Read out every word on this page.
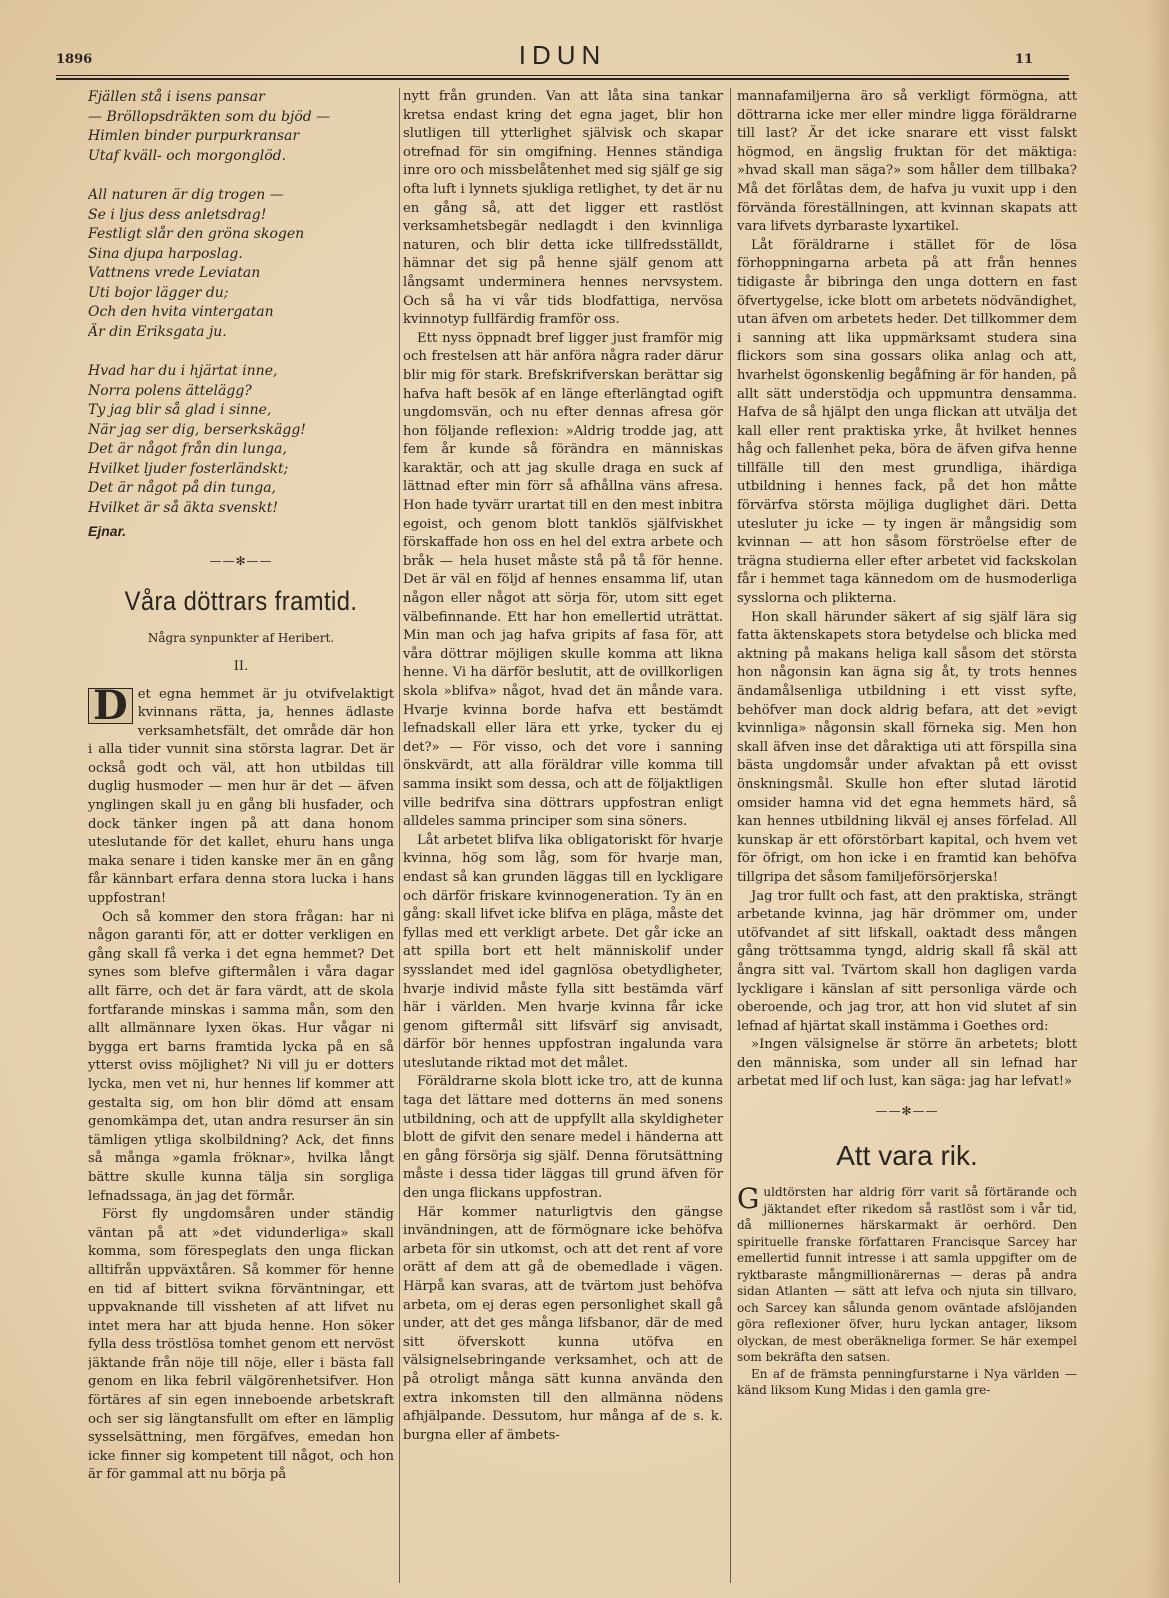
1896	IDUN	11

Fjällen stå i isens pansar

— Bröllopsdräkten som du bjöd —

Himlen binder purpurkransar

Utaf kväll- och morgonglöd.

All naturen är dig trogen —

Se i ljus dess anletsdrag!

Festligt slår den gröna skogen

Sina djupa harposlag.

Vattnens vrede Leviatan

Uti bojor lägger du;

Och den hvita vintergatan

Är din Eriksgata ju.

Hvad har du i hjärtat inne,

Norra polens ättelägg?

Ty jag blir så glad i sinne,

När jag ser dig, berserkskägg!

Det är något från din lunga,

Hvilket ljuder fosterländskt;

Det är något på din tunga,

Hvilket är så äkta svenskt!

Ejnar.

——✻——
Våra döttrars framtid.
Några synpunkter af Heribert.
II.

D et egna hemmet är ju otvifvelaktigt kvinnans rätta, ja, hennes ädlaste verksamhetsfält, det område där hon i alla tider vunnit sina största lagrar. Det är också godt och väl, att hon utbildas till duglig husmoder — men hur är det — äfven ynglingen skall ju en gång bli husfader, och dock tänker ingen på att dana honom uteslutande för det kallet, ehuru hans unga maka senare i tiden kanske mer än en gång får kännbart erfara denna stora lucka i hans uppfostran!

Och så kommer den stora frågan: har ni någon garanti för, att er dotter verkligen en gång skall få verka i det egna hemmet? Det synes som blefve giftermålen i våra dagar allt färre, och det är fara värdt, att de skola fortfarande minskas i samma mån, som den allt allmännare lyxen ökas. Hur vågar ni bygga ert barns framtida lycka på en så ytterst oviss möjlighet? Ni vill ju er dotters lycka, men vet ni, hur hennes lif kommer att gestalta sig, om hon blir dömd att ensam genomkämpa det, utan andra resurser än sin tämligen ytliga skolbildning? Ack, det finns så många »gamla fröknar», hvilka långt bättre skulle kunna tälja sin sorgliga lefnadssaga, än jag det förmår.

Först fly ungdomsåren under ständig väntan på att »det vidunderliga» skall komma, som förespeglats den unga flickan alltifrån uppväxtåren. Så kommer för henne en tid af bittert svikna förväntningar, ett uppvaknande till vissheten af att lifvet nu intet mera har att bjuda henne. Hon söker fylla dess tröstlösa tomhet genom ett nervöst jäktande från nöje till nöje, eller i bästa fall genom en lika febril välgörenhetsifver. Hon förtäres af sin egen inneboende arbetskraft och ser sig längtansfullt om efter en lämplig sysselsättning, men förgäfves, emedan hon icke finner sig kompetent till något, och hon är för gammal att nu börja på

nytt från grunden. Van att låta sina tankar kretsa endast kring det egna jaget, blir hon slutligen till ytterlighet självisk och skapar otrefnad för sin omgifning. Hennes ständiga inre oro och missbelåtenhet med sig själf ge sig ofta luft i lynnets sjukliga retlighet, ty det är nu en gång så, att det ligger ett rastlöst verksamhetsbegär nedlagdt i den kvinnliga naturen, och blir detta icke tillfredsställdt, hämnar det sig på henne själf genom att långsamt underminera hennes nervsystem. Och så ha vi vår tids blodfattiga, nervösa kvinnotyp fullfärdig framför oss.

Ett nyss öppnadt bref ligger just framför mig och frestelsen att här anföra några rader därur blir mig för stark. Brefskrifverskan berättar sig hafva haft besök af en länge efterlängtad ogift ungdomsvän, och nu efter dennas afresa gör hon följande reflexion: »Aldrig trodde jag, att fem år kunde så förändra en människas karaktär, och att jag skulle draga en suck af lättnad efter min förr så afhållna väns afresa. Hon hade tyvärr urartat till en den mest inbitra egoist, och genom blott tanklös själfviskhet förskaffade hon oss en hel del extra arbete och bråk — hela huset måste stå på tå för henne. Det är väl en följd af hennes ensamma lif, utan någon eller något att sörja för, utom sitt eget välbefinnande. Ett har hon emellertid uträttat. Min man och jag hafva gripits af fasa för, att våra döttrar möjligen skulle komma att likna henne. Vi ha därför beslutit, att de ovillkorligen skola »blifva» något, hvad det än månde vara. Hvarje kvinna borde hafva ett bestämdt lefnadskall eller lära ett yrke, tycker du ej det?» — För visso, och det vore i sanning önskvärdt, att alla föräldrar ville komma till samma insikt som dessa, och att de följaktligen ville bedrifva sina döttrars uppfostran enligt alldeles samma principer som sina söners.

Låt arbetet blifva lika obligatoriskt för hvarje kvinna, hög som låg, som för hvarje man, endast så kan grunden läggas till en lyckligare och därför friskare kvinnogeneration. Ty än en gång: skall lifvet icke blifva en pläga, måste det fyllas med ett verkligt arbete. Det går icke an att spilla bort ett helt människolif under sysslandet med idel gagnlösa obetydligheter, hvarje individ måste fylla sitt bestämda värf här i världen. Men hvarje kvinna får icke genom giftermål sitt lifsvärf sig anvisadt, därför bör hennes uppfostran ingalunda vara uteslutande riktad mot det målet.

Föräldrarne skola blott icke tro, att de kunna taga det lättare med dotterns än med sonens utbildning, och att de uppfyllt alla skyldigheter blott de gifvit den senare medel i händerna att en gång försörja sig själf. Denna förutsättning måste i dessa tider läggas till grund äfven för den unga flickans uppfostran.

Här kommer naturligtvis den gängse invändningen, att de förmögnare icke behöfva arbeta för sin utkomst, och att det rent af vore orätt af dem att gå de obemedlade i vägen. Härpå kan svaras, att de tvärtom just behöfva arbeta, om ej deras egen personlighet skall gå under, att det ges många lifsbanor, där de med sitt öfverskott kunna utöfva en välsignelsebringande verksamhet, och att de på otroligt många sätt kunna använda den extra inkomsten till den allmänna nödens afhjälpande. Dessutom, hur många af de s. k. burgna eller af ämbets-

mannafamiljerna äro så verkligt förmögna, att döttrarna icke mer eller mindre ligga föräldrarne till last? Är det icke snarare ett visst falskt högmod, en ängslig fruktan för det mäktiga: »hvad skall man säga?» som håller dem tillbaka? Må det förlåtas dem, de hafva ju vuxit upp i den förvända föreställningen, att kvinnan skapats att vara lifvets dyrbaraste lyxartikel.

Låt föräldrarne i stället för de lösa förhoppningarna arbeta på att från hennes tidigaste år bibringa den unga dottern en fast öfvertygelse, icke blott om arbetets nödvändighet, utan äfven om arbetets heder. Det tillkommer dem i sanning att lika uppmärksamt studera sina flickors som sina gossars olika anlag och att, hvarhelst ögonskenlig begåfning är för handen, på allt sätt understödja och uppmuntra densamma. Hafva de så hjälpt den unga flickan att utvälja det kall eller rent praktiska yrke, åt hvilket hennes håg och fallenhet peka, böra de äfven gifva henne tillfälle till den mest grundliga, ihärdiga utbildning i hennes fack, på det hon måtte förvärfva största möjliga duglighet däri. Detta utesluter ju icke — ty ingen är mångsidig som kvinnan — att hon såsom förströelse efter de trägna studierna eller efter arbetet vid fackskolan får i hemmet taga kännedom om de husmoderliga sysslorna och plikterna.

Hon skall härunder säkert af sig själf lära sig fatta äktenskapets stora betydelse och blicka med aktning på makans heliga kall såsom det största hon någonsin kan ägna sig åt, ty trots hennes ändamålsenliga utbildning i ett visst syfte, behöfver man dock aldrig befara, att det »evigt kvinnliga» någonsin skall förneka sig. Men hon skall äfven inse det dåraktiga uti att förspilla sina bästa ungdomsår under afvaktan på ett ovisst önskningsmål. Skulle hon efter slutad lärotid omsider hamna vid det egna hemmets härd, så kan hennes utbildning likväl ej anses förfelad. All kunskap är ett oförstörbart kapital, och hvem vet för öfrigt, om hon icke i en framtid kan behöfva tillgripa det såsom familjeförsörjerska!

Jag tror fullt och fast, att den praktiska, strängt arbetande kvinna, jag här drömmer om, under utöfvandet af sitt lifskall, oaktadt dess mången gång tröttsamma tyngd, aldrig skall få skäl att ångra sitt val. Tvärtom skall hon dagligen varda lyckligare i känslan af sitt personliga värde och oberoende, och jag tror, att hon vid slutet af sin lefnad af hjärtat skall instämma i Goethes ord:

»Ingen välsignelse är större än arbetets; blott den människa, som under all sin lefnad har arbetat med lif och lust, kan säga: jag har lefvat!»

——✻——
Att vara rik.

Guldtörsten har aldrig förr varit så förtärande och jäktandet efter rikedom så rastlöst som i vår tid, då millionernes härskarmakt är oerhörd. Den spirituelle franske författaren Francisque Sarcey har emellertid funnit intresse i att samla uppgifter om de ryktbaraste mångmillionärernas — deras på andra sidan Atlanten — sätt att lefva och njuta sin tillvaro, och Sarcey kan sålunda genom oväntade afslöjanden göra reflexioner öfver, huru lyckan antager, liksom olyckan, de mest oberäkneliga former. Se här exempel som bekräfta den satsen.

En af de främsta penningfurstarne i Nya världen — känd liksom Kung Midas i den gamla gre-
